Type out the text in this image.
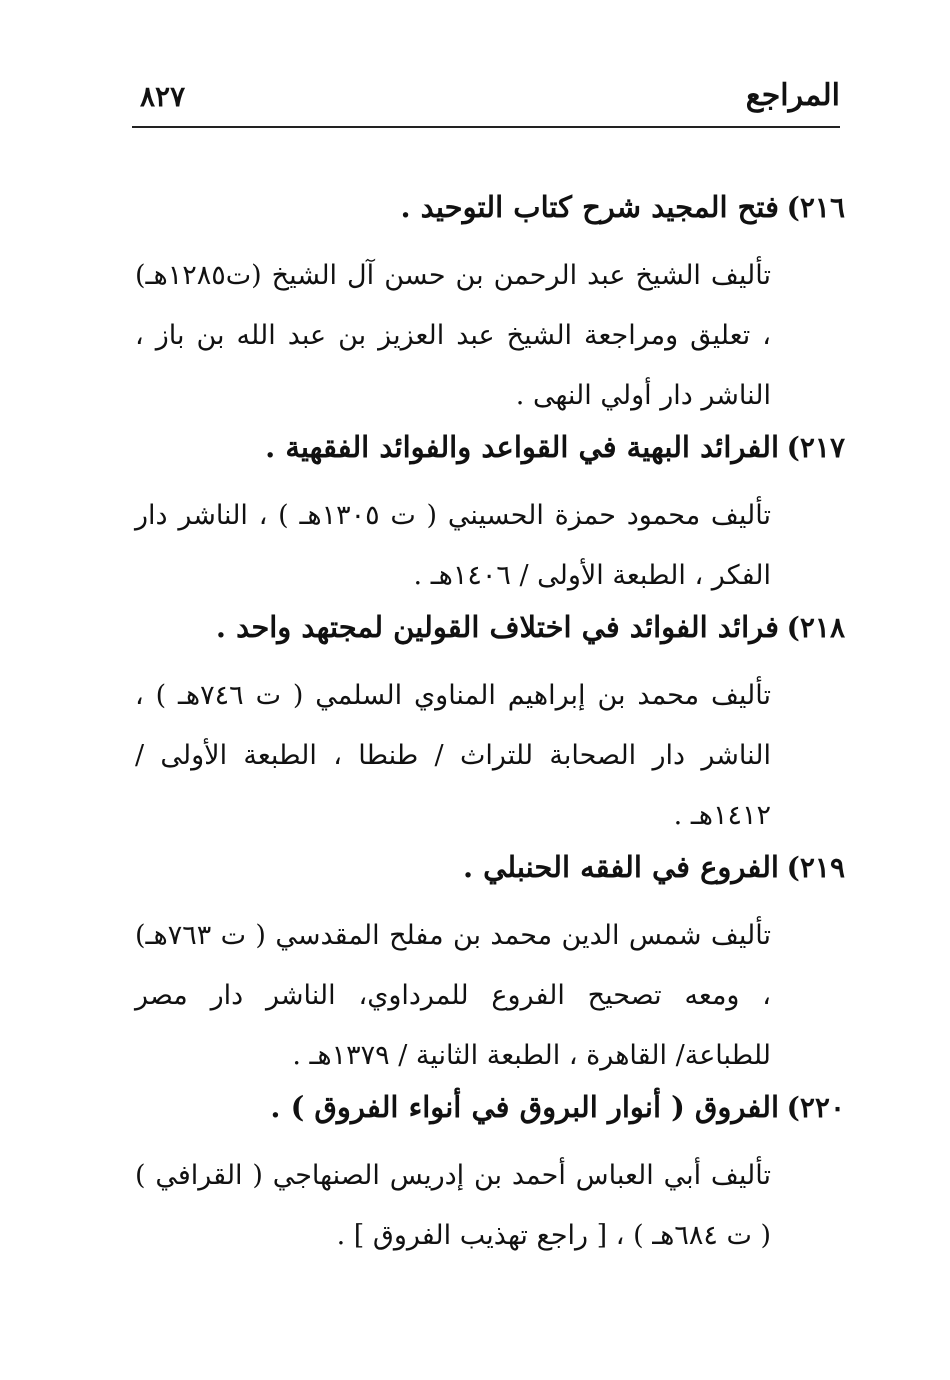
المراجع
٨٢٧
٢١٦)
فتح المجيد شرح كتاب التوحيد .
تأليف الشيخ عبد الرحمن بن حسن آل الشيخ (ت١٢٨٥هـ) ، تعليق ومراجعة الشيخ عبد العزيز بن عبد الله بن باز ، الناشر دار أولي النهى .
٢١٧)
الفرائد البهية في القواعد والفوائد الفقهية .
تأليف محمود حمزة الحسيني ( ت ١٣٠٥هـ ) ، الناشر دار الفكر ، الطبعة الأولى / ١٤٠٦هـ .
٢١٨)
فرائد الفوائد في اختلاف القولين لمجتهد واحد .
تأليف محمد بن إبراهيم المناوي السلمي ( ت ٧٤٦هـ ) ، الناشر دار الصحابة للتراث / طنطا ، الطبعة الأولى / ١٤١٢هـ .
٢١٩)
الفروع في الفقه الحنبلي .
تأليف شمس الدين محمد بن مفلح المقدسي ( ت ٧٦٣هـ) ، ومعه تصحيح الفروع للمرداوي، الناشر دار مصر للطباعة/ القاهرة ، الطبعة الثانية / ١٣٧٩هـ .
٢٢٠)
الفروق ( أنوار البروق في أنواء الفروق ) .
تأليف أبي العباس أحمد بن إدريس الصنهاجي ( القرافي ) ( ت ٦٨٤هـ ) ، [ راجع تهذيب الفروق ] .
